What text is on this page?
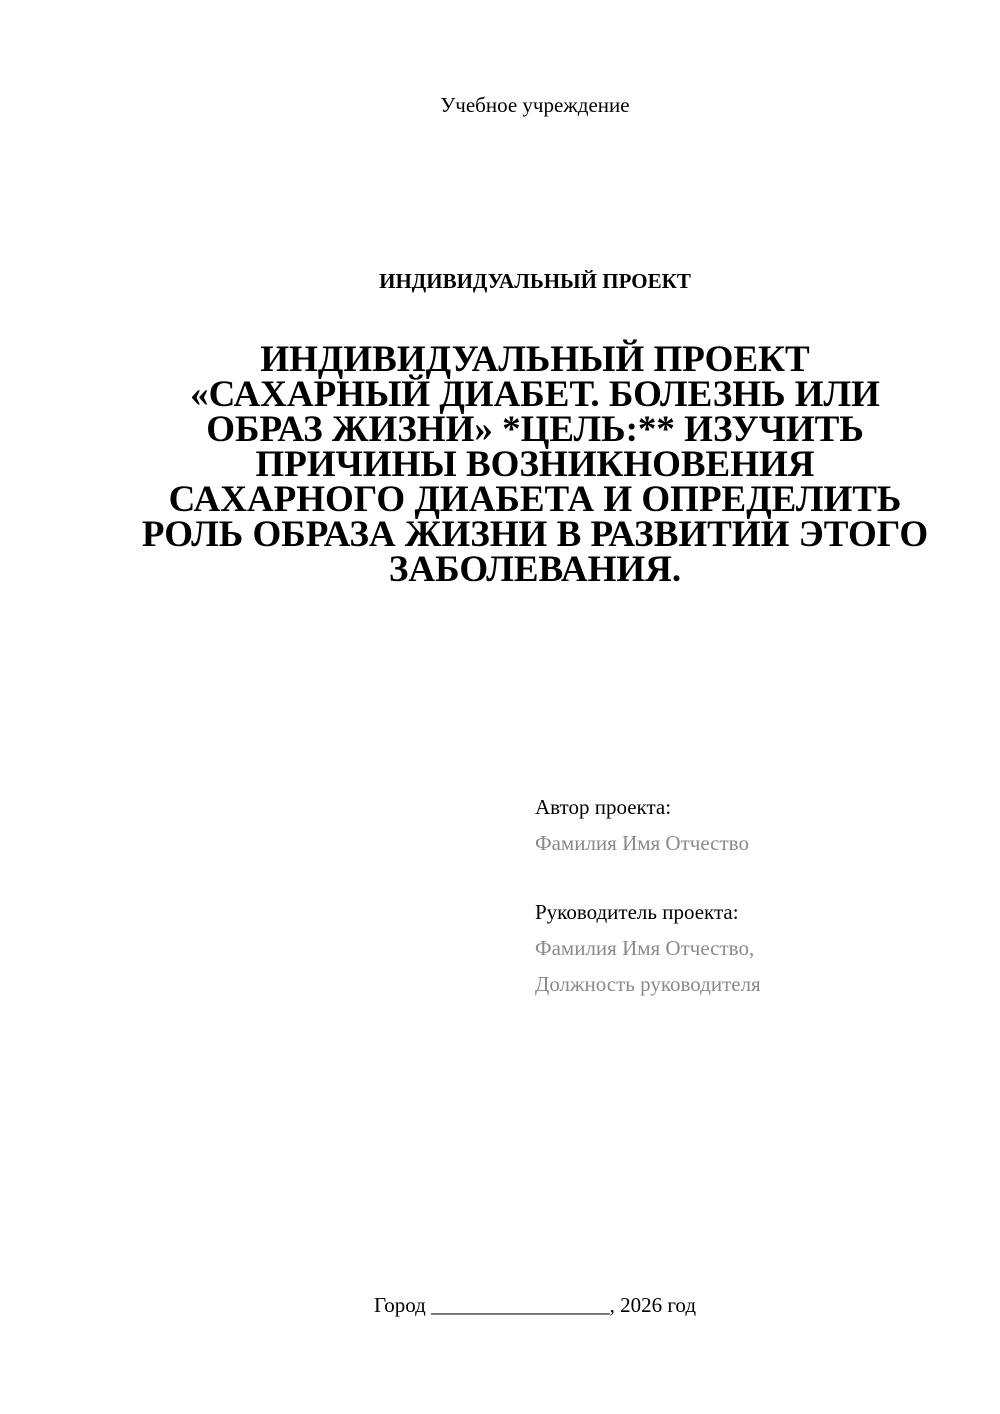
Учебное учреждение
ИНДИВИДУАЛЬНЫЙ ПРОЕКТ
ИНДИВИДУАЛЬНЫЙ ПРОЕКТ «САХАРНЫЙ ДИАБЕТ. БОЛЕЗНЬ ИЛИ ОБРАЗ ЖИЗНИ» *ЦЕЛЬ:** ИЗУЧИТЬ ПРИЧИНЫ ВОЗНИКНОВЕНИЯ САХАРНОГО ДИАБЕТА И ОПРЕДЕЛИТЬ РОЛЬ ОБРАЗА ЖИЗНИ В РАЗВИТИИ ЭТОГО ЗАБОЛЕВАНИЯ.
Автор проекта:
Фамилия Имя Отчество
Руководитель проекта:
Фамилия Имя Отчество,
Должность руководителя
Город _________________, 2026 год
